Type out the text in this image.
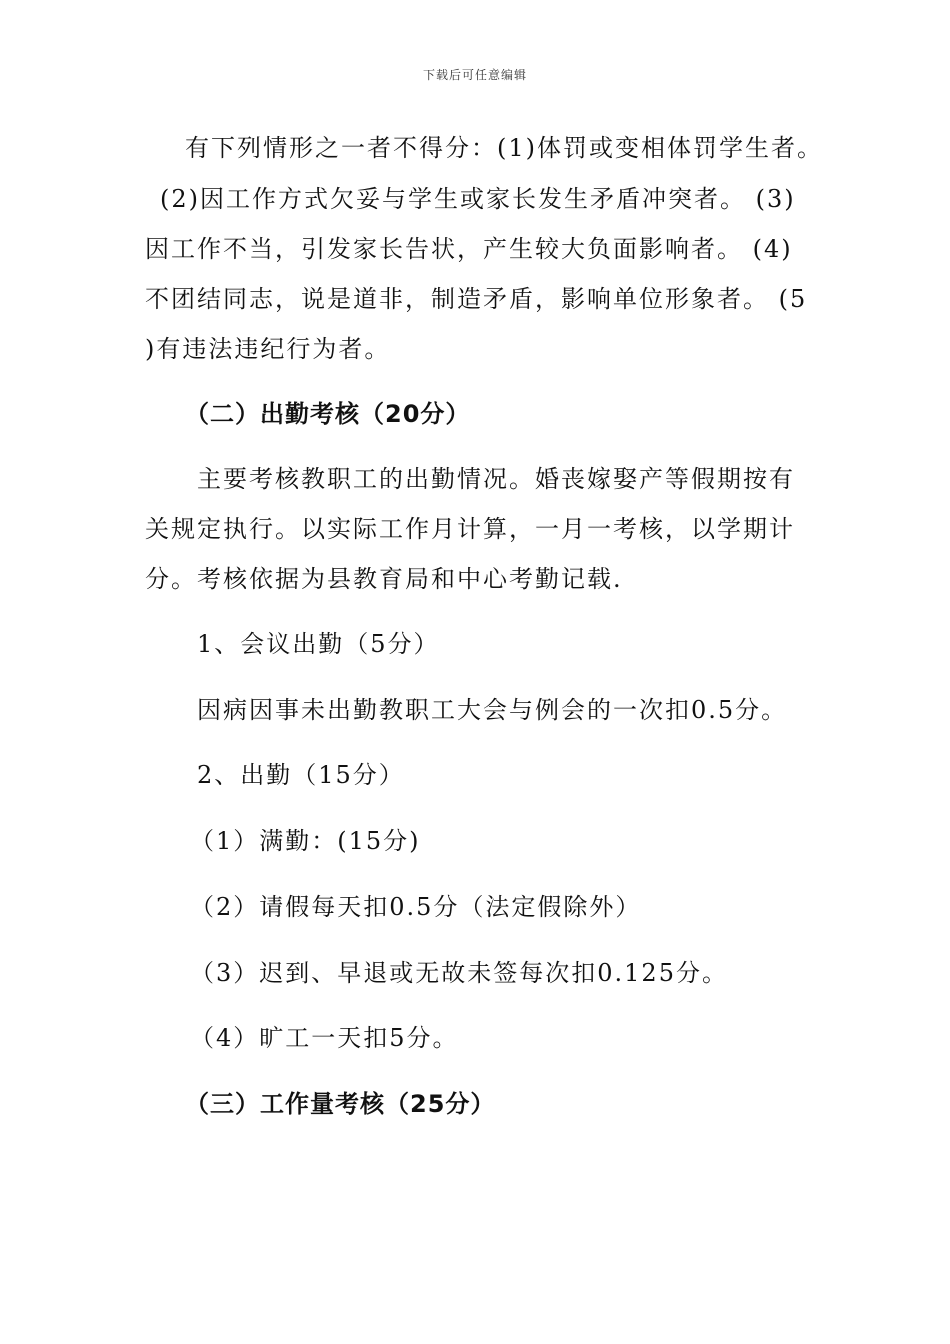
下载后可任意编辑
有下列情形之一者不得分：(1)体罚或变相体罚学生者。
(2)因工作方式欠妥与学生或家长发生矛盾冲突者。 (3)
因工作不当，引发家长告状，产生较大负面影响者。 (4)
不团结同志，说是道非，制造矛盾，影响单位形象者。 (5
)有违法违纪行为者。
（二）出勤考核（20分）
主要考核教职工的出勤情况。婚丧嫁娶产等假期按有
关规定执行。以实际工作月计算，一月一考核，以学期计
分。考核依据为县教育局和中心考勤记载.
1、会议出勤（5分）
因病因事未出勤教职工大会与例会的一次扣0.5分。
2、出勤（15分）
（1）满勤：(15分)
（2）请假每天扣0.5分（法定假除外）
（3）迟到、早退或无故未签每次扣0.125分。
（4）旷工一天扣5分。
（三）工作量考核（25分）
